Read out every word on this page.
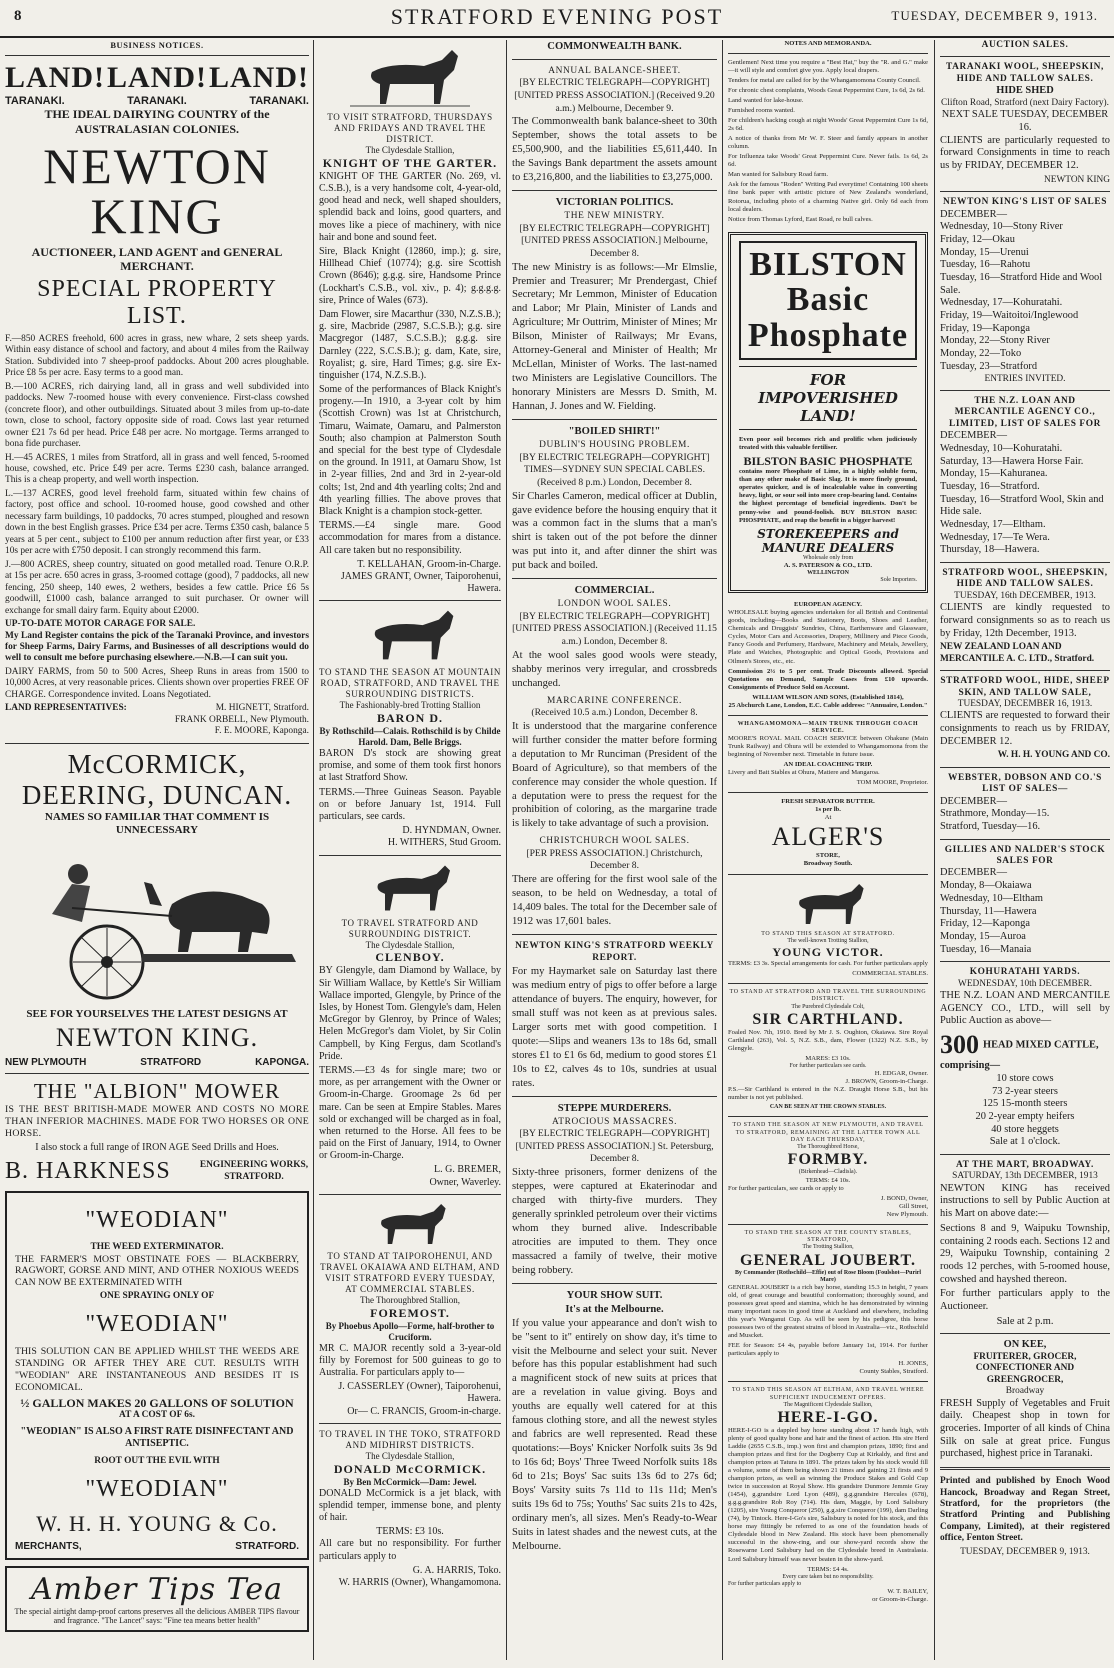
8	STRATFORD EVENING POST	TUESDAY, DECEMBER 9, 1913.
BUSINESS NOTICES.
LAND! LAND! LAND!
TARANAKI.	TARANAKI.	TARANAKI.
THE IDEAL DAIRYING COUNTRY of the AUSTRALASIAN COLONIES.
NEWTON KING
AUCTIONEER, LAND AGENT and GENERAL MERCHANT.
SPECIAL PROPERTY LIST.

F.—850 ACRES freehold, 600 acres in grass, new whare, 2 sets sheep yards. Within easy distance of school and factory, and about 4 miles from the Railway Station. Subdivided into 7 sheep-proof paddocks. About 200 acres ploughable. Price £8 5s per acre. Easy terms to a good man.

B.—100 ACRES, rich dairying land, all in grass and well subdivided into paddocks. New 7-roomed house with every convenience. First-class cowshed (concrete floor), and other outbuildings. Situated about 3 miles from up-to-date town, close to school, factory opposite side of road. Cows last year returned owner £21 7s 6d per head. Price £48 per acre. No mortgage. Terms arranged to bona fide purchaser.

H.—45 ACRES, 1 miles from Stratford, all in grass and well fenced, 5-roomed house, cowshed, etc. Price £49 per acre. Terms £230 cash, balance arranged. This is a cheap property, and well worth inspection.

L.—137 ACRES, good level freehold farm, situated within few chains of factory, post office and school. 10-roomed house, good cowshed and other necessary farm buildings, 10 paddocks, 70 acres stumped, ploughed and resown down in the best English grasses. Price £34 per acre. Terms £350 cash, balance 5 years at 5 per cent., subject to £100 per annum reduction after first year, or £33 10s per acre with £750 deposit. I can strongly recommend this farm.

J.—800 ACRES, sheep country, situated on good metalled road. Tenure O.R.P. at 15s per acre. 650 acres in grass, 3-roomed cottage (good), 7 paddocks, all new fencing, 250 sheep, 140 ewes, 2 wethers, besides a few cattle. Price £6 5s goodwill, £1000 cash, balance arranged to suit purchaser. Or owner will exchange for small dairy farm. Equity about £2000.

UP-TO-DATE MOTOR CARAGE FOR SALE.

My Land Register contains the pick of the Taranaki Province, and investors for Sheep Farms, Dairy Farms, and Businesses of all descriptions would do well to consult me before purchasing elsewhere.—N.B.—I can suit you.

DAIRY FARMS, from 50 to 500 Acres, Sheep Runs in areas from 1500 to 10,000 Acres, at very reasonable prices. Clients shown over properties FREE OF CHARGE. Correspondence invited. Loans Negotiated.

LAND REPRESENTATIVES:	M. HIGNETT, Stratford.
FRANK ORBELL, New Plymouth.
F. E. MOORE, Kaponga.
McCORMICK, DEERING, DUNCAN.
NAMES SO FAMILIAR THAT COMMENT IS UNNECESSARY
SEE FOR YOURSELVES THE LATEST DESIGNS AT
NEWTON KING.
NEW PLYMOUTH	STRATFORD	KAPONGA.
THE "ALBION" MOWER

IS THE BEST BRITISH-MADE MOWER AND COSTS NO MORE THAN INFERIOR MACHINES. MADE FOR TWO HORSES OR ONE HORSE.

I also stock a full range of IRON AGE Seed Drills and Hoes.
B. HARKNESS	ENGINEERING WORKS, STRATFORD.
"WEODIAN"
THE WEED EXTERMINATOR.

THE FARMER'S MOST OBSTINATE FOES — BLACKBERRY, RAGWORT, GORSE AND MINT, AND OTHER NOXIOUS WEEDS CAN NOW BE EXTERMINATED WITH

ONE SPRAYING ONLY OF
"WEODIAN"

THIS SOLUTION CAN BE APPLIED WHILST THE WEEDS ARE STANDING OR AFTER THEY ARE CUT. RESULTS WITH "WEODIAN" ARE INSTANTANEOUS AND BESIDES IT IS ECONOMICAL.

½ GALLON MAKES 20 GALLONS OF SOLUTION
AT A COST OF 6s.
"WEODIAN" IS ALSO A FIRST RATE DISINFECTANT AND ANTISEPTIC.
ROOT OUT THE EVIL WITH
"WEODIAN"
W. H. H. YOUNG & Co.
MERCHANTS,	STRATFORD.
Amber Tips Tea
The special airtight damp-proof cartons preserves all the delicious AMBER TIPS flavour and fragrance. "The Lancet" says: "Fine tea means better health"
TO VISIT STRATFORD, THURSDAYS AND FRIDAYS AND TRAVEL THE DISTRICT.
The Clydesdale Stallion,
KNIGHT OF THE GARTER.

KNIGHT OF THE GARTER (No. 269, vl. C.S.B.), is a very handsome colt, 4-year-old, good head and neck, well shaped shoulders, splendid back and loins, good quarters, and moves like a piece of machinery, with nice hair and bone and sound feet.

Sire, Black Knight (12860, imp.); g. sire, Hillhead Chief (10774); g.g. sire Scottish Crown (8646); g.g.g. sire, Handsome Prince (Lockhart's C.S.B., vol. xiv., p. 4); g.g.g.g. sire, Prince of Wales (673).

Dam Flower, sire Macarthur (330, N.Z.S.B.); g. sire, Macbride (2987, S.C.S.B.); g.g. sire Macgregor (1487, S.C.S.B.); g.g.g. sire Darnley (222, S.C.S.B.); g. dam, Kate, sire, Royalist; g. sire, Hard Times; g.g. sire Ex-tinguisher (174, N.Z.S.B.).

Some of the performances of Black Knight's progeny.—In 1910, a 3-year colt by him (Scottish Crown) was 1st at Christchurch, Timaru, Waimate, Oamaru, and Palmerston South; also champion at Palmerston South and special for the best type of Clydesdale on the ground. In 1911, at Oamaru Show, 1st in 2-year fillies, 2nd and 3rd in 2-year-old colts; 1st, 2nd and 4th yearling colts; 2nd and 4th yearling fillies. The above proves that Black Knight is a champion stock-getter.

TERMS.—£4 single mare. Good accommodation for mares from a distance. All care taken but no responsibility.

T. KELLAHAN, Groom-in-Charge.
JAMES GRANT, Owner, Taiporohenui, Hawera.
TO STAND THE SEASON AT MOUNTAIN ROAD, STRATFORD, AND TRAVEL THE SURROUNDING DISTRICTS.
The Fashionably-bred Trotting Stallion
BARON D.
By Rothschild—Calais. Rothschild is by Childe Harold. Dam, Belle Briggs.

BARON D's stock are showing great promise, and some of them took first honors at last Stratford Show.

TERMS.—Three Guineas Season. Payable on or before January 1st, 1914. Full particulars, see cards.

D. HYNDMAN, Owner.
H. WITHERS, Stud Groom.
TO TRAVEL STRATFORD AND SURROUNDING DISTRICT.
The Clydesdale Stallion,
CLENBOY.

BY Glengyle, dam Diamond by Wallace, by Sir William Wallace, by Kettle's Sir William Wallace imported, Glengyle, by Prince of the Isles, by Honest Tom. Glengyle's dam, Helen McGregor by Glenroy, by Prince of Wales; Helen McGregor's dam Violet, by Sir Colin Campbell, by King Fergus, dam Scotland's Pride.

TERMS.—£3 4s for single mare; two or more, as per arrangement with the Owner or Groom-in-Charge. Groomage 2s 6d per mare. Can be seen at Empire Stables. Mares sold or exchanged will be charged as in foal, when returned to the Horse. All fees to be paid on the First of January, 1914, to Owner or Groom-in-Charge.

L. G. BREMER,
Owner, Waverley.
TO STAND AT TAIPOROHENUI, AND TRAVEL OKAIAWA AND ELTHAM, AND VISIT STRATFORD EVERY TUESDAY, AT COMMERCIAL STABLES.
The Thoroughbred Stallion,
FOREMOST.
By Phoebus Apollo—Forme, half-brother to Cruciform.

MR C. MAJOR recently sold a 3-year-old filly by Foremost for 500 guineas to go to Australia. For particulars apply to—

J. CASSERLEY (Owner), Taiporohenui, Hawera.
Or— C. FRANCIS, Groom-in-charge.
TO TRAVEL IN THE TOKO, STRATFORD AND MIDHIRST DISTRICTS.
The Clydesdale Stallion,
DONALD McCORMICK.
By Ben McCormick—Dam: Jewel.

DONALD McCormick is a jet black, with splendid temper, immense bone, and plenty of hair.

TERMS: £3 10s.

All care but no responsibility. For further particulars apply to

G. A. HARRIS, Toko.
W. HARRIS (Owner), Whangamomona.
COMMONWEALTH BANK.
ANNUAL BALANCE-SHEET.
[BY ELECTRIC TELEGRAPH—COPYRIGHT] [UNITED PRESS ASSOCIATION.] (Received 9.20 a.m.) Melbourne, December 9.

The Commonwealth bank balance-sheet to 30th September, shows the total assets to be £5,500,900, and the liabilities £5,611,440. In the Savings Bank department the assets amount to £3,216,800, and the liabilities to £3,275,000.

VICTORIAN POLITICS.
THE NEW MINISTRY.
[BY ELECTRIC TELEGRAPH—COPYRIGHT] [UNITED PRESS ASSOCIATION.] Melbourne, December 8.

The new Ministry is as follows:—Mr Elmslie, Premier and Treasurer; Mr Prendergast, Chief Secretary; Mr Lemmon, Minister of Education and Labor; Mr Plain, Minister of Lands and Agriculture; Mr Outtrim, Minister of Mines; Mr Bilson, Minister of Railways; Mr Evans, Attorney-General and Minister of Health; Mr McLellan, Minister of Works. The last-named two Ministers are Legislative Councillors. The honorary Ministers are Messrs D. Smith, M. Hannan, J. Jones and W. Fielding.

"BOILED SHIRT!"
DUBLIN'S HOUSING PROBLEM.
[BY ELECTRIC TELEGRAPH—COPYRIGHT] TIMES—SYDNEY SUN SPECIAL CABLES. (Received 8 p.m.) London, December 8.

Sir Charles Cameron, medical officer at Dublin, gave evidence before the housing enquiry that it was a common fact in the slums that a man's shirt is taken out of the pot before the dinner was put into it, and after dinner the shirt was put back and boiled.

COMMERCIAL.
LONDON WOOL SALES.
[BY ELECTRIC TELEGRAPH—COPYRIGHT] [UNITED PRESS ASSOCIATION.] (Received 11.15 a.m.) London, December 8.

At the wool sales good wools were steady, shabby merinos very irregular, and crossbreds unchanged.

MARCARINE CONFERENCE.
(Received 10.5 a.m.) London, December 8.

It is understood that the margarine conference will further consider the matter before forming a deputation to Mr Runciman (President of the Board of Agriculture), so that members of the conference may consider the whole question. If a deputation were to press the request for the prohibition of coloring, as the margarine trade is likely to take advantage of such a provision.

CHRISTCHURCH WOOL SALES.
[PER PRESS ASSOCIATION.] Christchurch, December 8.

There are offering for the first wool sale of the season, to be held on Wednesday, a total of 14,409 bales. The total for the December sale of 1912 was 17,601 bales.

NEWTON KING'S STRATFORD WEEKLY REPORT.

For my Haymarket sale on Saturday last there was medium entry of pigs to offer before a large attendance of buyers. The enquiry, however, for small stuff was not keen as at previous sales. Larger sorts met with good competition. I quote:—Slips and weaners 13s to 18s 6d, small stores £1 to £1 6s 6d, medium to good stores £1 10s to £2, calves 4s to 10s, sundries at usual rates.

STEPPE MURDERERS.
ATROCIOUS MASSACRES.
[BY ELECTRIC TELEGRAPH—COPYRIGHT] [UNITED PRESS ASSOCIATION.] St. Petersburg, December 8.

Sixty-three prisoners, former denizens of the steppes, were captured at Ekaterinodar and charged with thirty-five murders. They generally sprinkled petroleum over their victims whom they burned alive. Indescribable atrocities are imputed to them. They once massacred a family of twelve, their motive being robbery.

YOUR SHOW SUIT.
It's at the Melbourne.

If you value your appearance and don't wish to be "sent to it" entirely on show day, it's time to visit the Melbourne and select your suit. Never before has this popular establishment had such a magnificent stock of new suits at prices that are a revelation in value giving. Boys and youths are equally well catered for at this famous clothing store, and all the newest styles and fabrics are well represented. Read these quotations:—Boys' Knicker Norfolk suits 3s 9d to 16s 6d; Boys' Three Tweed Norfolk suits 18s 6d to 21s; Boys' Sac suits 13s 6d to 27s 6d; Boys' Varsity suits 7s 11d to 11s 11d; Men's suits 19s 6d to 75s; Youths' Sac suits 21s to 42s, ordinary men's, all sizes. Men's Ready-to-Wear Suits in latest shades and the newest cuts, at the Melbourne.

NOTES AND MEMORANDA.

Gentlemen! Next time you require a "Best Hat," buy the "R. and G." make—it will style and comfort give you. Apply local drapers.

Tenders for metal are called for by the Whangamomona County Council.

For chronic chest complaints, Woods Great Peppermint Cure, 1s 6d, 2s 6d.

Land wanted for lake-house.

Furnished rooms wanted.

For children's hacking cough at night Woods' Great Peppermint Cure 1s 6d, 2s 6d.

A notice of thanks from Mr W. F. Steer and family appears in another column.

For Influenza take Woods' Great Peppermint Cure. Never fails. 1s 6d, 2s 6d.

Man wanted for Salisbury Road farm.

Ask for the famous "Roden" Writing Pad everytime! Containing 100 sheets fine bank paper with artistic picture of New Zealand's wonderland, Rotorua, including photo of a charming Native girl. Only 6d each from local dealers.

Notice from Thomas Lyford, East Road, re bull calves.

BILSTON Basic Phosphate
FOR IMPOVERISHED LAND!

Even poor soil becomes rich and prolific when judiciously treated with this valuable fertiliser.

BILSTON BASIC PHOSPHATE

contains more Phosphate of Lime, in a highly soluble form, than any other make of Basic Slag. It is more finely ground, operates quicker, and is of incalculable value in converting heavy, light, or sour soil into more crop-bearing land. Contains the highest percentage of beneficial ingredients. Don't be penny-wise and pound-foolish. BUY BILSTON BASIC PHOSPHATE, and reap the benefit in a bigger harvest!

STOREKEEPERS and MANURE DEALERS
Wholesale only from
A. S. PATERSON & CO., LTD.
WELLINGTON
Sole Importers.
EUROPEAN AGENCY.

WHOLESALE buying agencies undertaken for all British and Continental goods, including—Books and Stationery, Boots, Shoes and Leather, Chemicals and Druggists' Sundries, China, Earthenware and Glassware, Cycles, Motor Cars and Accessories, Drapery, Millinery and Piece Goods, Fancy Goods and Perfumery, Hardware, Machinery and Metals, Jewellery, Plate and Watches, Photographic and Optical Goods, Provisions and Oilmen's Stores, etc., etc.

Commission 2½ to 5 per cent. Trade Discounts allowed. Special Quotations on Demand, Sample Cases from £10 upwards. Consignments of Produce Sold on Account.

WILLIAM WILSON AND SONS, (Established 1814),
25 Abchurch Lane, London, E.C. Cable address: "Annuaire, London."
WHANGAMOMONA—MAIN TRUNK THROUGH COACH SERVICE.

MOORE'S ROYAL MAIL COACH SERVICE between Ohakune (Main Trunk Railway) and Ohura will be extended to Whangamomona from the beginning of November next. Timetable in future issue.

AN IDEAL COACHING TRIP.

Livery and Bait Stables at Ohura, Matiere and Mangaroa.

TOM MOORE, Proprietor.
FRESH SEPARATOR BUTTER.
1s per lb.
At
ALGER'S
STORE,
Broadway South.
TO STAND THIS SEASON AT STRATFORD.
The well-known Trotting Stallion,
YOUNG VICTOR.

TERMS: £3 3s. Special arrangements for cash. For further particulars apply

COMMERCIAL STABLES.
TO STAND AT STRATFORD AND TRAVEL THE SURROUNDING DISTRICT.
The Purebred Clydesdale Colt,
SIR CARTHLAND.

Foaled Nov. 7th, 1910. Bred by Mr J. S. Oughton, Okaiawa. Sire Royal Carthland (263), Vol. 5, N.Z. S.B., dam, Flower (1322) N.Z. S.B., by Glengyle.

MARES: £3 10s.
For further particulars see cards.
H. EDGAR, Owner.
J. BROWN, Groom-in-Charge.

P.S.—Sir Carthland is entered in the N.Z. Draught Horse S.B., but his number is not yet published.

CAN BE SEEN AT THE CROWN STABLES.
TO STAND THE SEASON AT NEW PLYMOUTH, AND TRAVEL TO STRATFORD, REMAINING AT THE LATTER TOWN ALL DAY EACH THURSDAY,
The Thoroughbred Horse,
FORMBY.
(Birkenhead—Cladisla).
TERMS: £4 10s.

For further particulars, see cards or apply to

J. BOND, Owner,
Gill Street,
New Plymouth.
TO STAND THE SEASON AT THE COUNTY STABLES, STRATFORD,
The Trotting Stallion,
GENERAL JOUBERT.
By Commander (Rothschild—Effie) out of Rose Bloom (Foulshot—Purirl Mare)

GENERAL JOUBERT is a rich bay horse, standing 15.3 in height, 7 years old, of great courage and beautiful conformation; thoroughly sound, and possesses great speed and stamina, which he has demonstrated by winning many important races in good time at Auckland and elsewhere, including this year's Wanganui Cup. As will be seen by his pedigree, this horse possesses two of the greatest strains of blood in Australia—viz., Rothschild and Muscket.

FEE for Season: £4 4s, payable before January 1st, 1914. For further particulars apply to

H. JONES,
County Stables, Stratford.
TO STAND THIS SEASON AT ELTHAM, AND TRAVEL WHERE SUFFICIENT INDUCEMENT OFFERS.
The Magnificent Clydesdale Stallion,
HERE-I-GO.

HERE-I-GO is a dappled bay horse standing about 17 hands high, with plenty of good quality bone and hair and the finest of action. His sire Herd Laddie (2655 C.S.B., imp.) won first and champion prizes, 1890; first and champion prizes and first for the Dogberry Cup at Kirkaldy, and first and champion prizes at Tatura in 1891. The prizes taken by his stock would fill a volume, some of them being shown 21 times and gaining 21 firsts and 9 champion prizes, as well as winning the Produce Stakes and Gold Cup twice in succession at Royal Show. His grandsire Dunmore Jemmie Gray (1454), g.grandsire Lord Lyon (489), g.g.grandsire Hercules (678), g.g.g.grandsire Rob Roy (714). His dam, Maggie, by Lord Salisbury (1205), sire Young Conqueror (250), g.g.sire Conqueror (199), dam Darling (74), by Tintock. Here-I-Go's sire, Salisbury is noted for his stock, and this horse may fittingly be referred to as one of the foundation heads of Clydesdale blood in New Zealand. His stock have been phenomenally successful in the show-ring, and our show-yard records show the Rosewarne Lord Salisbury had on the Clydesdale breed in Australasia. Lord Salisbury himself was never beaten in the show-yard.

TERMS: £4 4s.
Every care taken but no responsibility.
For further particulars apply to
W. T. BAILEY,
or Groom-in-Charge.
AUCTION SALES.
TARANAKI WOOL, SHEEPSKIN, HIDE AND TALLOW SALES.
HIDE SHED
Clifton Road, Stratford (next Dairy Factory).
NEXT SALE TUESDAY, DECEMBER 16.

CLIENTS are particularly requested to forward Consignments in time to reach us by FRIDAY, DECEMBER 12.

NEWTON KING
NEWTON KING'S LIST OF SALES
DECEMBER—
Wednesday, 10—Stony River
Friday, 12—Okau
Monday, 15—Urenui
Tuesday, 16—Rahotu
Tuesday, 16—Stratford Hide and Wool Sale.
Wednesday, 17—Kohuratahi.
Friday, 19—Waitoitoi/Inglewood
Friday, 19—Kaponga
Monday, 22—Stony River
Monday, 22—Toko
Tuesday, 23—Stratford
ENTRIES INVITED.
THE N.Z. LOAN AND MERCANTILE AGENCY CO., LIMITED, LIST OF SALES FOR
DECEMBER—
Wednesday, 10—Kohuratahi.
Saturday, 13—Hawera Horse Fair.
Monday, 15—Kahuranea.
Tuesday, 16—Stratford.
Tuesday, 16—Stratford Wool, Skin and Hide sale.
Wednesday, 17—Eltham.
Wednesday, 17—Te Wera.
Thursday, 18—Hawera.
STRATFORD WOOL, SHEEPSKIN, HIDE AND TALLOW SALES.
TUESDAY, 16th DECEMBER, 1913.

CLIENTS are kindly requested to forward consignments so as to reach us by Friday, 12th December, 1913.

NEW ZEALAND LOAN AND MERCANTILE A. C. LTD., Stratford.
STRATFORD WOOL, HIDE, SHEEP SKIN, AND TALLOW SALE,
TUESDAY, DECEMBER 16, 1913.

CLIENTS are requested to forward their consignments to reach us by FRIDAY, DECEMBER 12.

W. H. H. YOUNG AND CO.
WEBSTER, DOBSON AND CO.'S LIST OF SALES—
DECEMBER—
Strathmore, Monday—15.
Stratford, Tuesday—16.
GILLIES AND NALDER'S STOCK SALES FOR
DECEMBER—
Monday, 8—Okaiawa
Wednesday, 10—Eltham
Thursday, 11—Hawera
Friday, 12—Kaponga
Monday, 15—Auroa
Tuesday, 16—Manaia
KOHURATAHI YARDS.
WEDNESDAY, 10th DECEMBER.

THE N.Z. LOAN AND MERCANTILE AGENCY CO., LTD., will sell by Public Auction as above—

300 HEAD MIXED CATTLE, comprising—
10 store cows
73 2-year steers
125 15-month steers
20 2-year empty heifers
40 store heggets
Sale at 1 o'clock.
AT THE MART, BROADWAY.
SATURDAY, 13th DECEMBER, 1913

NEWTON KING has received instructions to sell by Public Auction at his Mart on above date:—

Sections 8 and 9, Waipuku Township, containing 2 roods each. Sections 12 and 29, Waipuku Township, containing 2 roods 12 perches, with 5-roomed house, cowshed and hayshed thereon.

For further particulars apply to the Auctioneer.

Sale at 2 p.m.
ON KEE,
FRUITERER, GROCER, CONFECTIONER AND GREENGROCER,
Broadway

FRESH Supply of Vegetables and Fruit daily. Cheapest shop in town for groceries. Importer of all kinds of China Silk on sale at great price. Fungus purchased, highest price in Taranaki.

Printed and published by Enoch Wood Hancock, Broadway and Regan Street, Stratford, for the proprietors (the Stratford Printing and Publishing Company, Limited), at their registered office, Fenton Street.

TUESDAY, DECEMBER 9, 1913.
